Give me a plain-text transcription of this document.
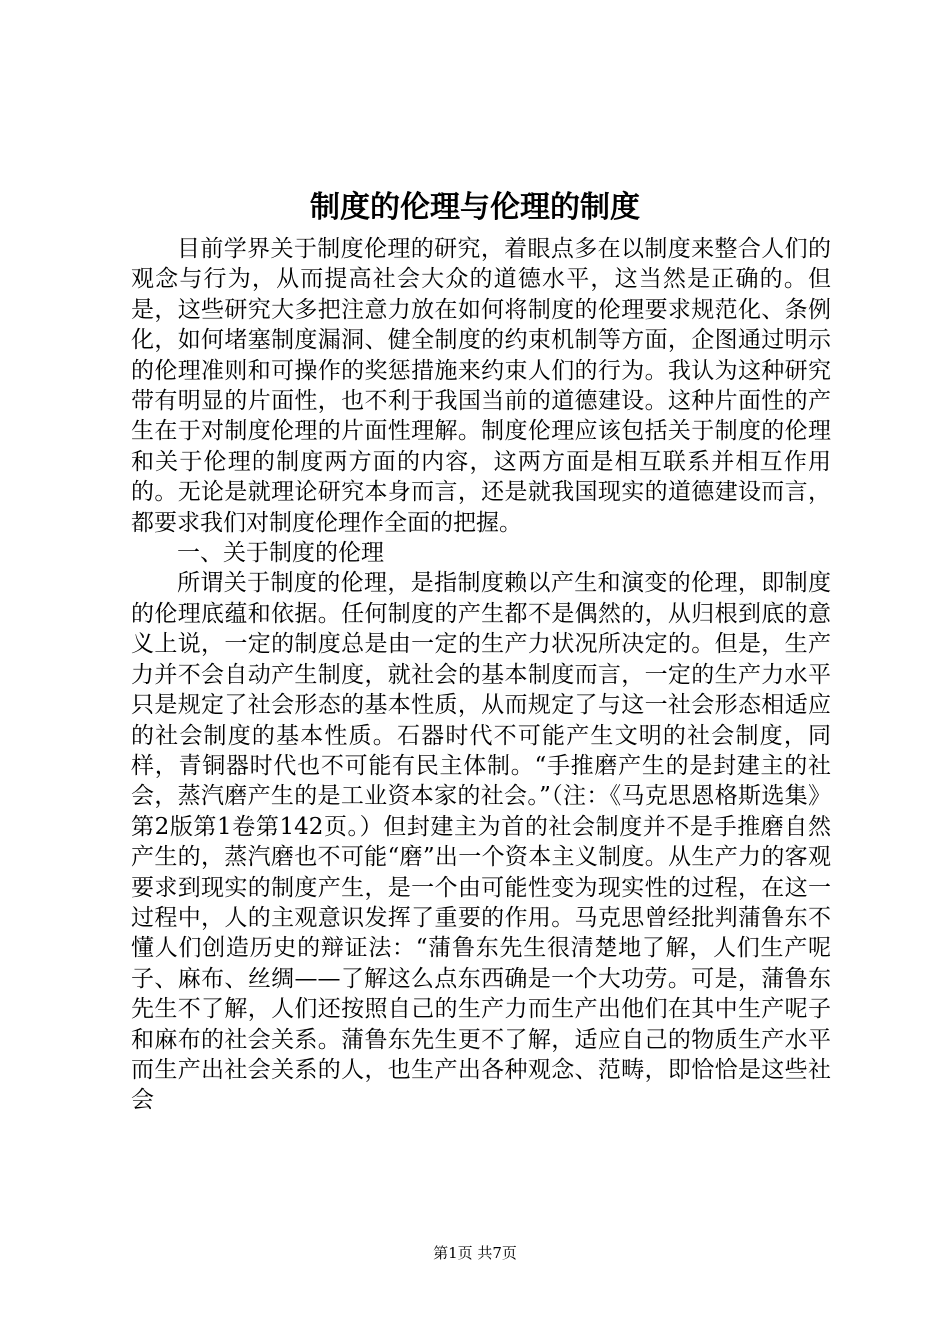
制度的伦理与伦理的制度

目前学界关于制度伦理的研究，着眼点多在以制度来整合人们的观念与行为，从而提高社会大众的道德水平，这当然是正确的。但是，这些研究大多把注意力放在如何将制度的伦理要求规范化、条例化，如何堵塞制度漏洞、健全制度的约束机制等方面，企图通过明示的伦理准则和可操作的奖惩措施来约束人们的行为。我认为这种研究带有明显的片面性，也不利于我国当前的道德建设。这种片面性的产生在于对制度伦理的片面性理解。制度伦理应该包括关于制度的伦理和关于伦理的制度两方面的内容，这两方面是相互联系并相互作用的。无论是就理论研究本身而言，还是就我国现实的道德建设而言，都要求我们对制度伦理作全面的把握。

一、关于制度的伦理

所谓关于制度的伦理，是指制度赖以产生和演变的伦理，即制度的伦理底蕴和依据。任何制度的产生都不是偶然的，从归根到底的意义上说，一定的制度总是由一定的生产力状况所决定的。但是，生产力并不会自动产生制度，就社会的基本制度而言，一定的生产力水平只是规定了社会形态的基本性质，从而规定了与这一社会形态相适应的社会制度的基本性质。石器时代不可能产生文明的社会制度，同样，青铜器时代也不可能有民主体制。“手推磨产生的是封建主的社会，蒸汽磨产生的是工业资本家的社会。”（注：《马克思恩格斯选集》第2版第1卷第142页。）但封建主为首的社会制度并不是手推磨自然产生的，蒸汽磨也不可能“磨”出一个资本主义制度。从生产力的客观要求到现实的制度产生，是一个由可能性变为现实性的过程，在这一过程中，人的主观意识发挥了重要的作用。马克思曾经批判蒲鲁东不懂人们创造历史的辩证法：“蒲鲁东先生很清楚地了解，人们生产呢子、麻布、丝绸——了解这么点东西确是一个大功劳。可是，蒲鲁东先生不了解，人们还按照自己的生产力而生产出他们在其中生产呢子和麻布的社会关系。蒲鲁东先生更不了解，适应自己的物质生产水平而生产出社会关系的人，也生产出各种观念、范畴，即恰恰是这些社会

第1页 共7页
